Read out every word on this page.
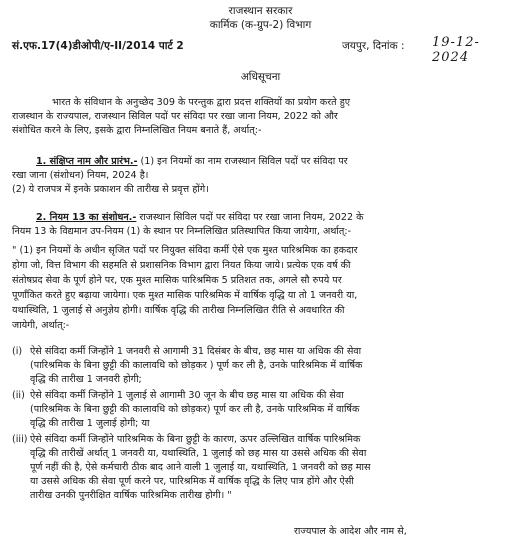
राजस्थान सरकार
कार्मिक (क-ग्रुप-2) विभाग
सं.एफ.17(4)डीओपी/ए-II/2014 पार्ट 2	जयपुर, दिनांक : 19-12-2024
अधिसूचना
भारत के संविधान के अनुच्छेद 309 के परन्तुक द्वारा प्रदत्त शक्तियों का प्रयोग करते हुए
राजस्थान के राज्यपाल, राजस्थान सिविल पदों पर संविदा पर रखा जाना नियम, 2022 को और
संशोधित करने के लिए, इसके द्वारा निम्नलिखित नियम बनाते हैं, अर्थात्:-
1. संक्षिप्त नाम और प्रारंभ.- (1) इन नियमों का नाम राजस्थान सिविल पदों पर संविदा पर
रखा जाना (संशोधन) नियम, 2024 है।
(2) ये राजपत्र में इनके प्रकाशन की तारीख से प्रवृत्त होंगे।
2. नियम 13 का संशोधन.- राजस्थान सिविल पदों पर संविदा पर रखा जाना नियम, 2022 के
नियम 13 के विद्यमान उप-नियम (1) के स्थान पर निम्नलिखित प्रतिस्थापित किया जायेगा, अर्थात्:-
" (1) इन नियमों के अधीन सृजित पदों पर नियुक्त संविदा कर्मी ऐसे एक मुश्त पारिश्रमिक का हकदार
होगा जो, वित्त विभाग की सहमति से प्रशासनिक विभाग द्वारा नियत किया जाये। प्रत्येक एक वर्ष की
संतोषप्रद सेवा के पूर्ण होने पर, एक मुश्त मासिक पारिश्रमिक 5 प्रतिशत तक, अगले सौ रुपये पर
पूर्णांकित करते हुए बढ़ाया जायेगा। एक मुश्त मासिक पारिश्रमिक में वार्षिक वृद्धि या तो 1 जनवरी या,
यथास्थिति, 1 जुलाई से अनुज्ञेय होगी। वार्षिक वृद्धि की तारीख निम्नलिखित रीति से अवधारित की
जायेगी, अर्थात्:-
(i) ऐसे संविदा कर्मी जिन्होंने 1 जनवरी से आगामी 31 दिसंबर के बीच, छह मास या अधिक की सेवा
(पारिश्रमिक के बिना छुट्टी की कालावधि को छोड़कर ) पूर्ण कर ली है, उनके पारिश्रमिक में वार्षिक
वृद्धि की तारीख 1 जनवरी होगी;
(ii) ऐसे संविदा कर्मी जिन्होंने 1 जुलाई से आगामी 30 जून के बीच छह मास या अधिक की सेवा
(पारिश्रमिक के बिना छुट्टी की कालावधि को छोड़कर) पूर्ण कर ली है, उनके पारिश्रमिक में वार्षिक
वृद्धि की तारीख 1 जुलाई होगी; या
(iii) ऐसे संविदा कर्मी जिन्होंने पारिश्रमिक के बिना छुट्टी के कारण, ऊपर उल्लिखित वार्षिक पारिश्रमिक
वृद्धि की तारीखें अर्थात् 1 जनवरी या, यथास्थिति, 1 जुलाई को छह मास या उससे अधिक की सेवा
पूर्ण नहीं की है, ऐसे कर्मचारी ठीक बाद आने वाली 1 जुलाई या, यथास्थिति, 1 जनवरी को छह मास
या उससे अधिक की सेवा पूर्ण करने पर, पारिश्रमिक में वार्षिक वृद्धि के लिए पात्र होंगे और ऐसी
तारीख उनकी पुनरीक्षित वार्षिक पारिश्रमिक तारीख होगी। "
राज्यपाल के आदेश और नाम से,
